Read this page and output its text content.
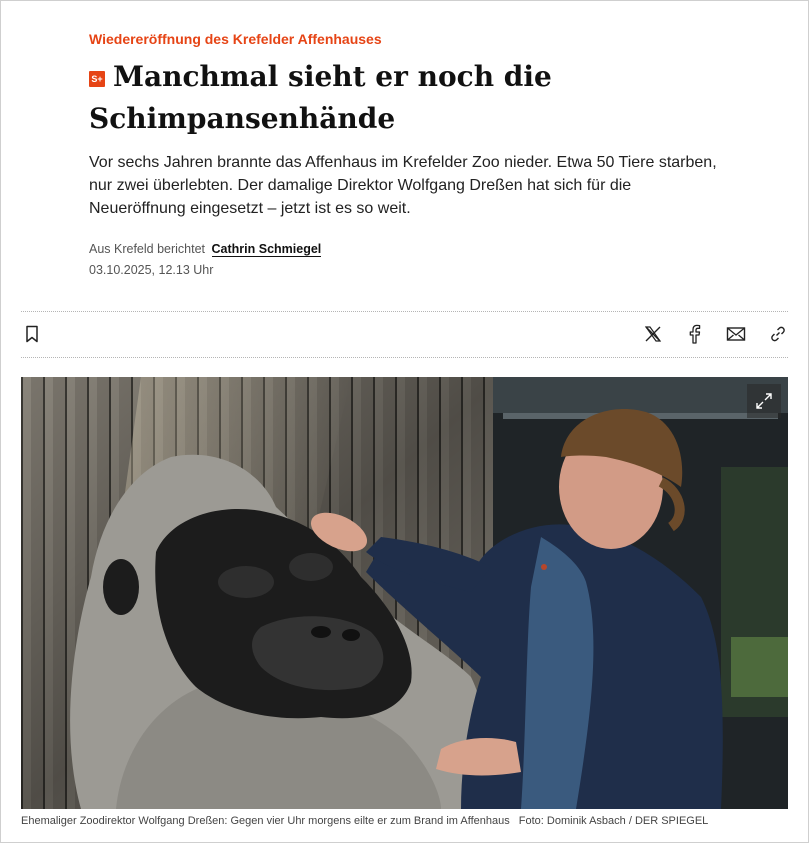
Wiedereröffnung des Krefelder Affenhauses
S+ Manchmal sieht er noch die Schimpansenhände

Vor sechs Jahren brannte das Affenhaus im Krefelder Zoo nieder. Etwa 50 Tiere starben, nur zwei überlebten. Der damalige Direktor Wolfgang Dreßen hat sich für die Neueröffnung eingesetzt – jetzt ist es so weit.

Aus Krefeld berichtet Cathrin Schmiegel
03.10.2025, 12.13 Uhr
Ehemaliger Zoodirektor Wolfgang Dreßen: Gegen vier Uhr morgens eilte er zum Brand im Affenhaus Foto: Dominik Asbach / DER SPIEGEL
